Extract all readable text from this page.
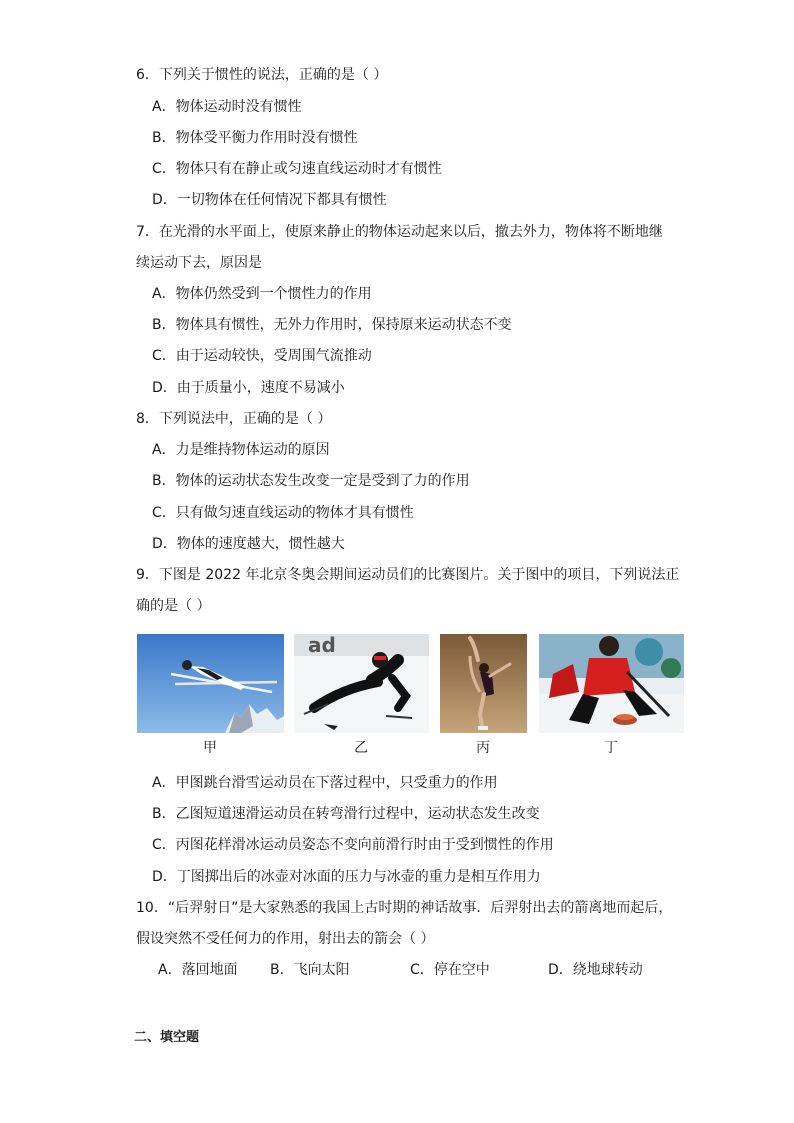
6．下列关于惯性的说法，正确的是（ ）
A．物体运动时没有惯性
B．物体受平衡力作用时没有惯性
C．物体只有在静止或匀速直线运动时才有惯性
D．一切物体在任何情况下都具有惯性
7．在光滑的水平面上，使原来静止的物体运动起来以后，撤去外力，物体将不断地继
续运动下去，原因是
A．物体仍然受到一个惯性力的作用
B．物体具有惯性，无外力作用时，保持原来运动状态不变
C．由于运动较快，受周围气流推动
D．由于质量小，速度不易减小
8．下列说法中，正确的是（ ）
A．力是维持物体运动的原因
B．物体的运动状态发生改变一定是受到了力的作用
C．只有做匀速直线运动的物体才具有惯性
D．物体的速度越大，惯性越大
9．下图是 2022 年北京冬奥会期间运动员们的比赛图片。关于图中的项目，下列说法正
确的是（ ）
ad
甲	乙	丙	丁
A．甲图跳台滑雪运动员在下落过程中，只受重力的作用
B．乙图短道速滑运动员在转弯滑行过程中，运动状态发生改变
C．丙图花样滑冰运动员姿态不变向前滑行时由于受到惯性的作用
D．丁图掷出后的冰壶对冰面的压力与冰壶的重力是相互作用力
10．“后羿射日”是大家熟悉的我国上古时期的神话故事．后羿射出去的箭离地而起后，
假设突然不受任何力的作用，射出去的箭会（ ）
A．落回地面 B．飞向太阳	C．停在空中	D．绕地球转动
二、填空题
